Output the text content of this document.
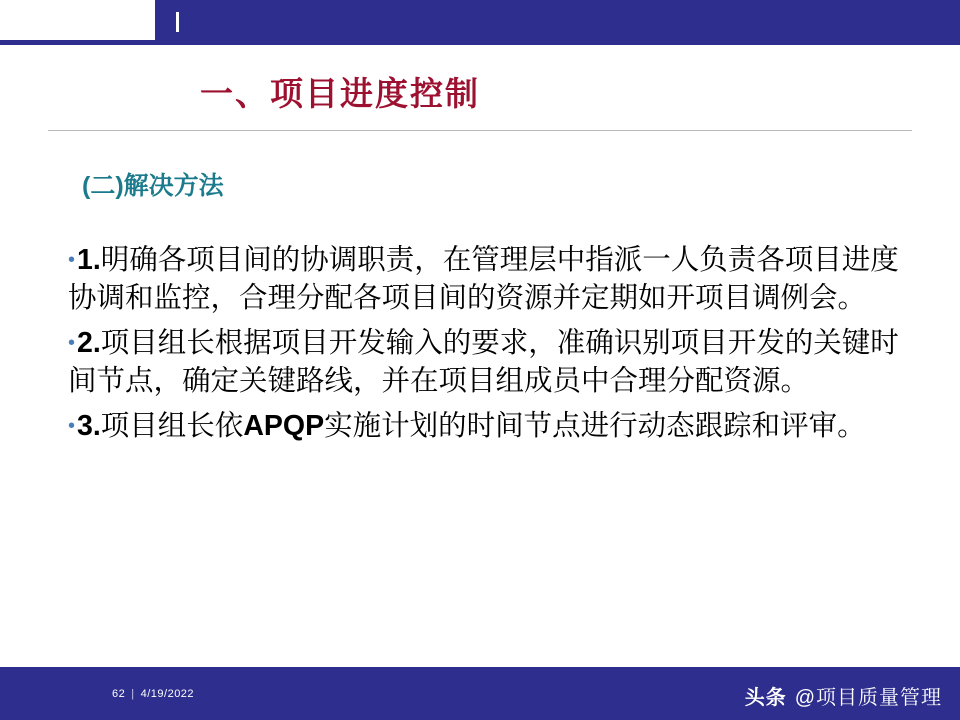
一、项目进度控制
(二)解决方法
•1.明确各项目间的协调职责，在管理层中指派一人负责各项目进度协调和监控，合理分配各项目间的资源并定期如开项目调例会。
•2.项目组长根据项目开发输入的要求，准确识别项目开发的关键时间节点，确定关键路线，并在项目组成员中合理分配资源。
•3.项目组长依APQP实施计划的时间节点进行动态跟踪和评审。
62 | 4/19/2022	头条 @项目质量管理
